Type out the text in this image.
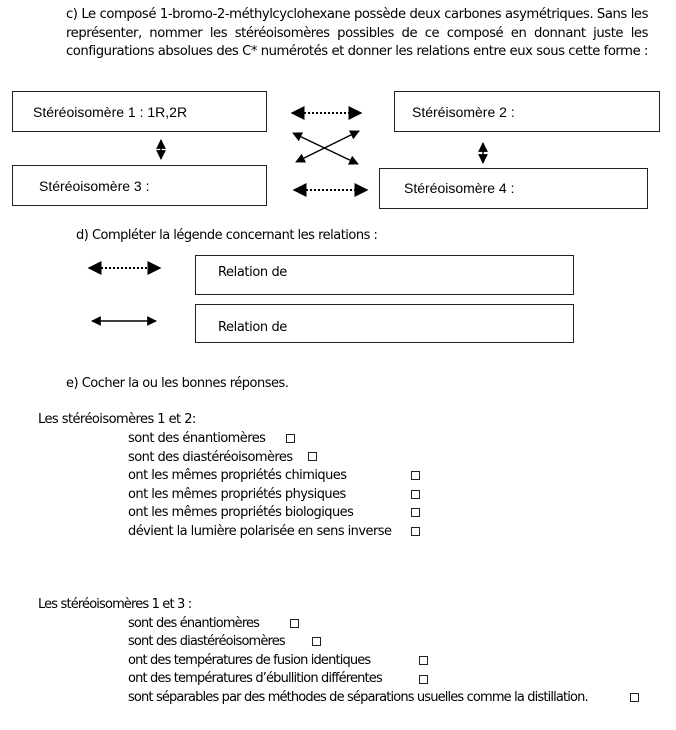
c) Le composé 1-bromo-2-méthylcyclohexane possède deux carbones asymétriques. Sans les
représenter, nommer les stéréoisomères possibles de ce composé en donnant juste les
configurations absolues des C* numérotés et donner les relations entre eux sous cette forme :
Stéréoisomère 1 : 1R,2R	Stéréisomère 2 :
Stéréoisomère 3 :	Stéréoisomère 4 :
d) Compléter la légende concernant les relations :
Relation de
Relation de
e) Cocher la ou les bonnes réponses.
Les stéréoisomères 1 et 2:
sont des énantiomères
sont des diastéréoisomères
ont les mêmes propriétés chimiques
ont les mêmes propriétés physiques
ont les mêmes propriétés biologiques
dévient la lumière polarisée en sens inverse
Les stéréoisomères 1 et 3 :
sont des énantiomères
sont des diastéréoisomères
ont des températures de fusion identiques
ont des températures d’ébullition différentes
sont séparables par des méthodes de séparations usuelles comme la distillation.
